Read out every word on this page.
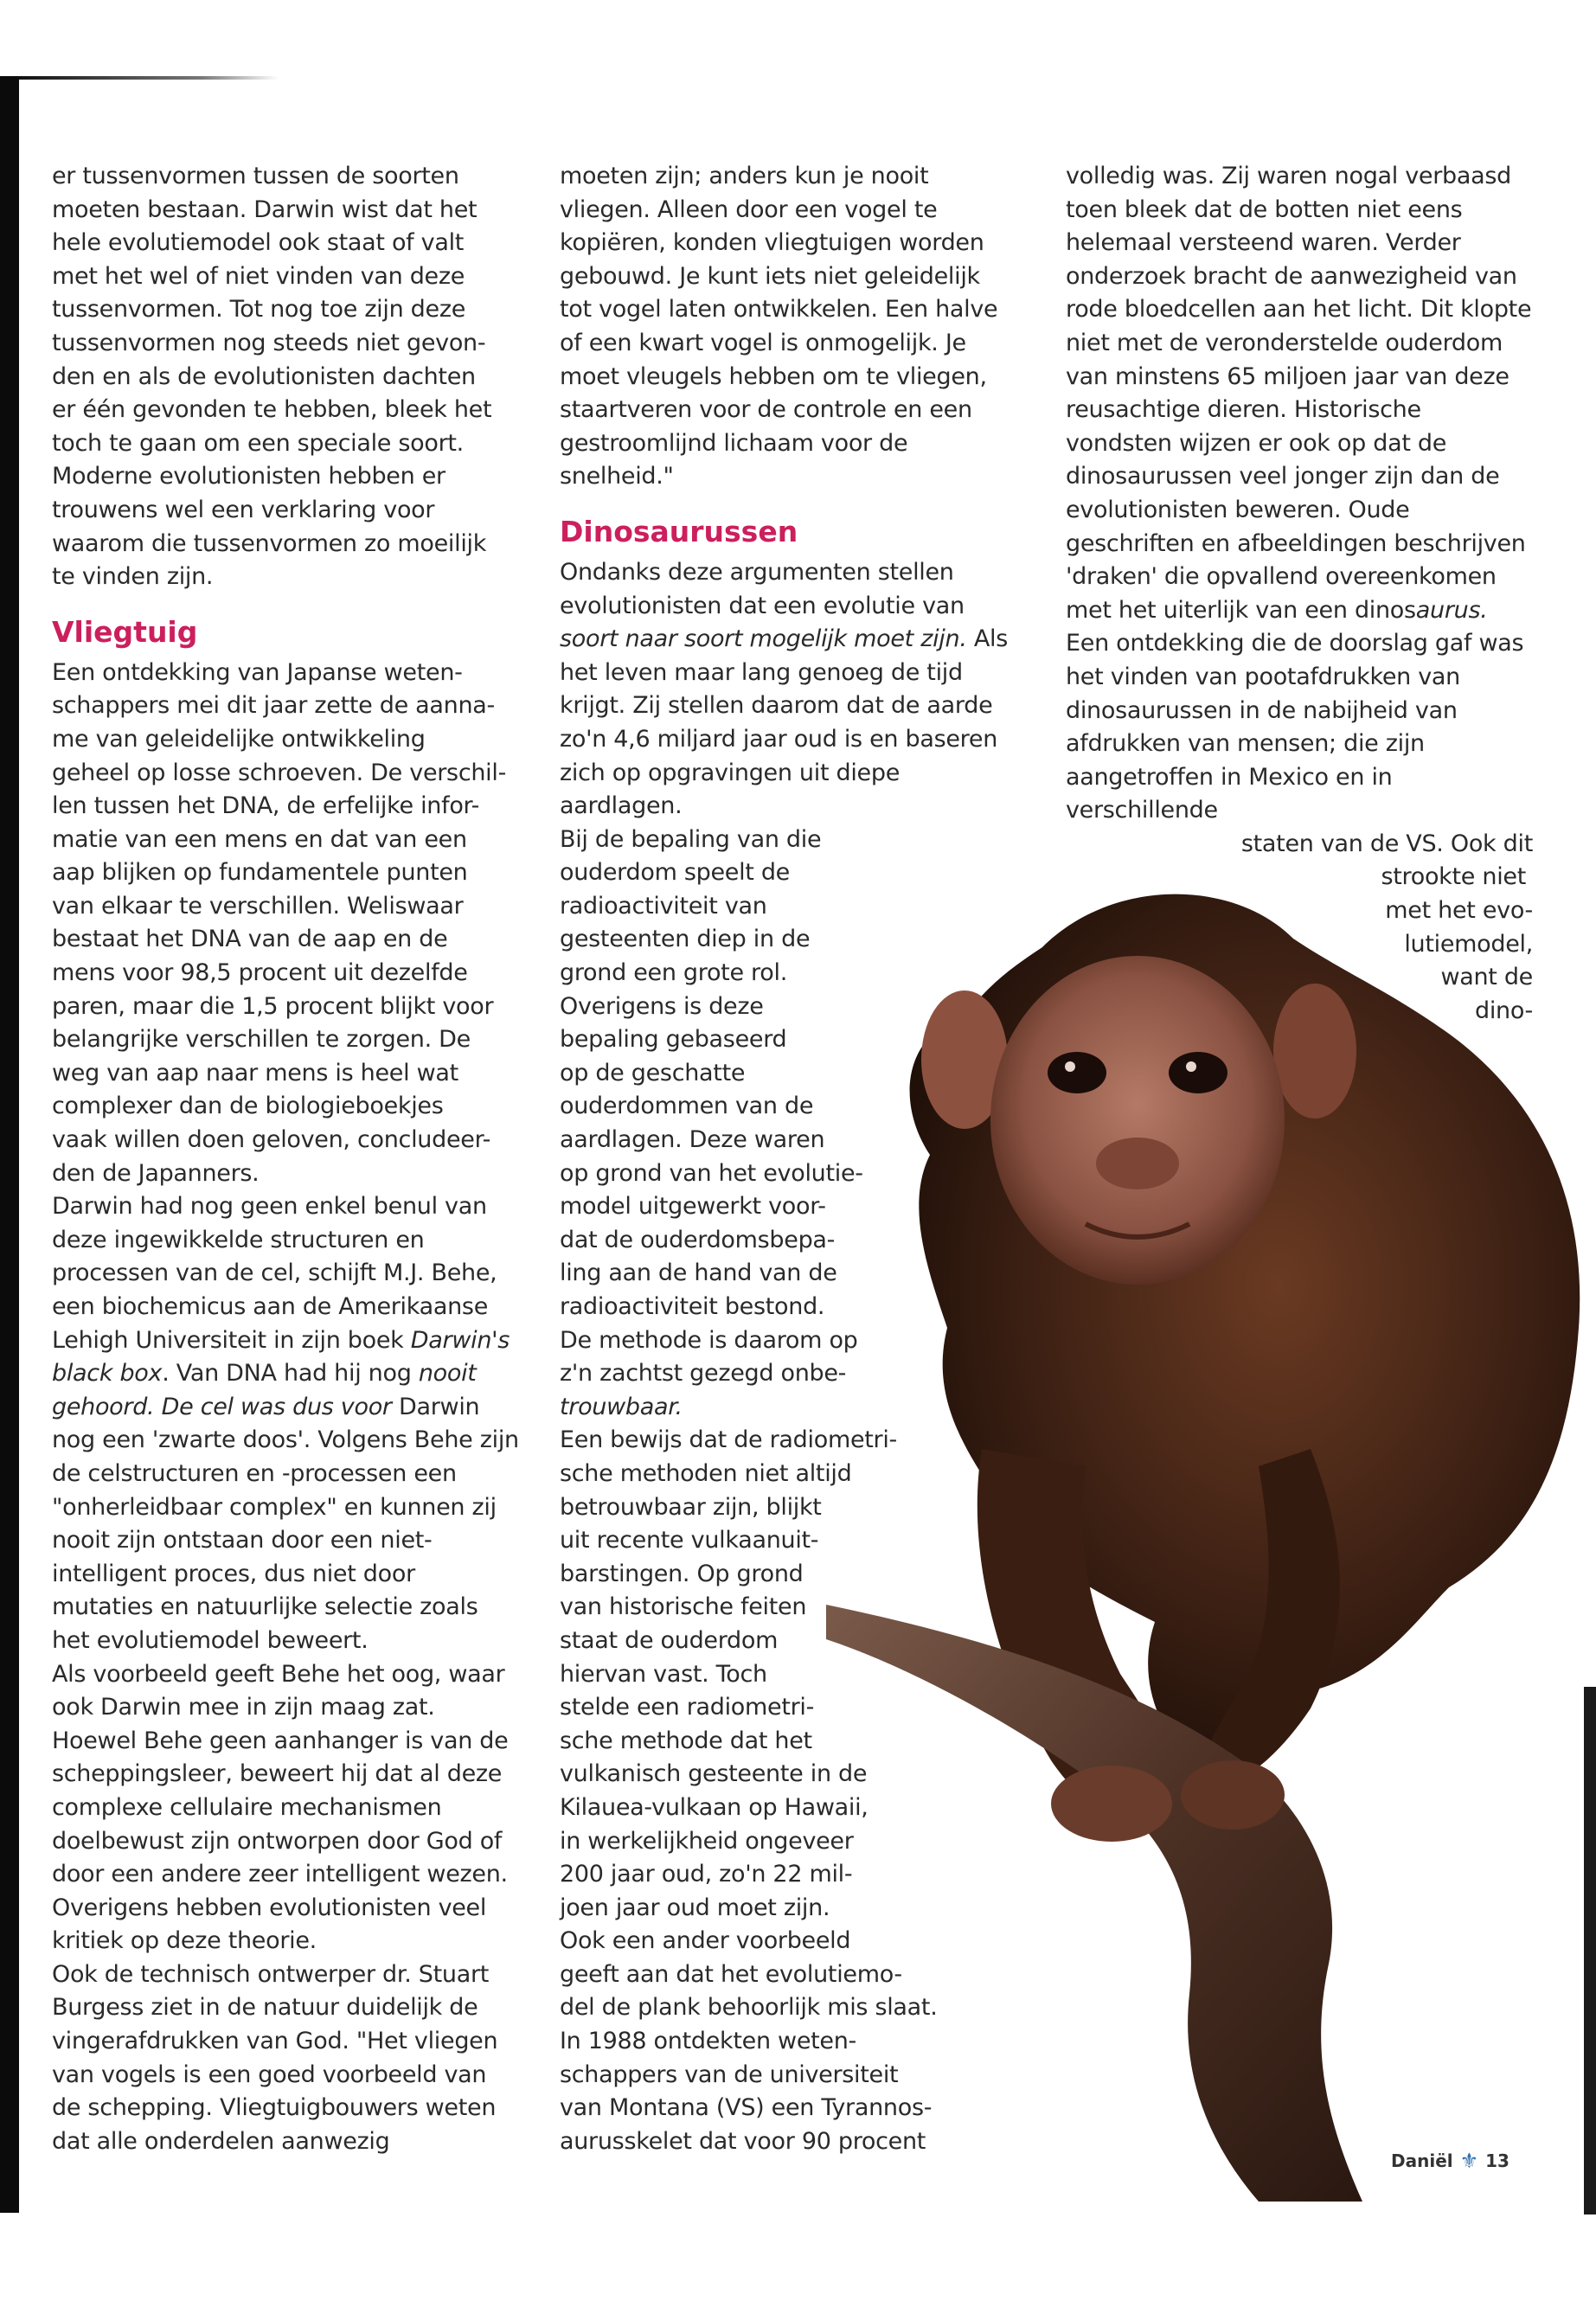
er tussenvormen tussen de soorten
moeten bestaan. Darwin wist dat het
hele evolutiemodel ook staat of valt
met het wel of niet vinden van deze
tussenvormen. Tot nog toe zijn deze
tussenvormen nog steeds niet gevon-
den en als de evolutionisten dachten
er één gevonden te hebben, bleek het
toch te gaan om een speciale soort.
Moderne evolutionisten hebben er
trouwens wel een verklaring voor
waarom die tussenvormen zo moeilijk
te vinden zijn.

Vliegtuig

Een ontdekking van Japanse weten-
schappers mei dit jaar zette de aanna-
me van geleidelijke ontwikkeling
geheel op losse schroeven. De verschil-
len tussen het DNA, de erfelijke infor-
matie van een mens en dat van een
aap blijken op fundamentele punten
van elkaar te verschillen. Weliswaar
bestaat het DNA van de aap en de
mens voor 98,5 procent uit dezelfde
paren, maar die 1,5 procent blijkt voor
belangrijke verschillen te zorgen. De
weg van aap naar mens is heel wat
complexer dan de biologieboekjes
vaak willen doen geloven, concludeer-
den de Japanners.

Darwin had nog geen enkel benul van deze ingewikkelde structuren en processen van de cel, schijft M.J. Behe, een biochemicus aan de Amerikaanse Lehigh Universiteit in zijn boek Darwin's black box. Van DNA had hij nog nooit gehoord. De cel was dus voor Darwin nog een 'zwarte doos'. Volgens Behe zijn de celstructuren en -processen een "onherleidbaar complex" en kunnen zij nooit zijn ontstaan door een niet-intelligent proces, dus niet door mutaties en natuurlijke selectie zoals het evolutiemodel beweert.

Als voorbeeld geeft Behe het oog, waar ook Darwin mee in zijn maag zat. Hoewel Behe geen aanhanger is van de scheppingsleer, beweert hij dat al deze complexe cellulaire mechanismen doelbewust zijn ontworpen door God of door een andere zeer intelligent wezen. Overigens hebben evolutionisten veel kritiek op deze theorie.

Ook de technisch ontwerper dr. Stuart Burgess ziet in de natuur duidelijk de vingerafdrukken van God. "Het vliegen van vogels is een goed voorbeeld van de schepping. Vliegtuigbouwers weten dat alle onderdelen aanwezig

moeten zijn; anders kun je nooit vliegen. Alleen door een vogel te kopiëren, konden vliegtuigen worden gebouwd. Je kunt iets niet geleidelijk tot vogel laten ontwikkelen. Een halve of een kwart vogel is onmogelijk. Je moet vleugels hebben om te vliegen, staartveren voor de controle en een gestroomlijnd lichaam voor de snelheid."

Dinosaurussen

Ondanks deze argumenten stellen evolutionisten dat een evolutie van soort naar soort mogelijk moet zijn. Als het leven maar lang genoeg de tijd krijgt. Zij stellen daarom dat de aarde zo'n 4,6 miljard jaar oud is en baseren zich op opgravingen uit diepe aardlagen.

Bij de bepaling van die
ouderdom speelt de
radioactiviteit van
gesteenten diep in de
grond een grote rol.
Overigens is deze
bepaling gebaseerd
op de geschatte
ouderdommen van de
aardlagen. Deze waren
op grond van het evolutie-
model uitgewerkt voor-
dat de ouderdomsbepa-
ling aan de hand van de
radioactiviteit bestond.
De methode is daarom op
z'n zachtst gezegd onbe-
trouwbaar.

Een bewijs dat de radiometri-
sche methoden niet altijd
betrouwbaar zijn, blijkt
uit recente vulkaanuit-
barstingen. Op grond
van historische feiten
staat de ouderdom
hiervan vast. Toch
stelde een radiometri-
sche methode dat het
vulkanisch gesteente in de
Kilauea-vulkaan op Hawaii,
in werkelijkheid ongeveer
200 jaar oud, zo'n 22 mil-
joen jaar oud moet zijn.

Ook een ander voorbeeld
geeft aan dat het evolutiemo-
del de plank behoorlijk mis slaat.
In 1988 ontdekten weten-
schappers van de universiteit
van Montana (VS) een Tyrannos-
aurusskelet dat voor 90 procent

volledig was. Zij waren nogal verbaasd toen bleek dat de botten niet eens helemaal versteend waren. Verder onderzoek bracht de aanwezigheid van rode bloedcellen aan het licht. Dit klopte niet met de veronderstelde ouderdom van minstens 65 miljoen jaar van deze reusachtige dieren. Historische vondsten wijzen er ook op dat de dinosaurussen veel jonger zijn dan de evolutionisten beweren. Oude geschriften en afbeeldingen beschrijven 'draken' die opvallend overeenkomen met het uiterlijk van een dinosaurus. Een ontdekking die de doorslag gaf was het vinden van pootafdrukken van dinosaurussen in de nabijheid van afdrukken van mensen; die zijn aangetroffen in Mexico en in verschillende

staten van de VS. Ook dit
strookte niet
met het evo-
lutiemodel,
want de
dino-

Daniël ⚜ 13
